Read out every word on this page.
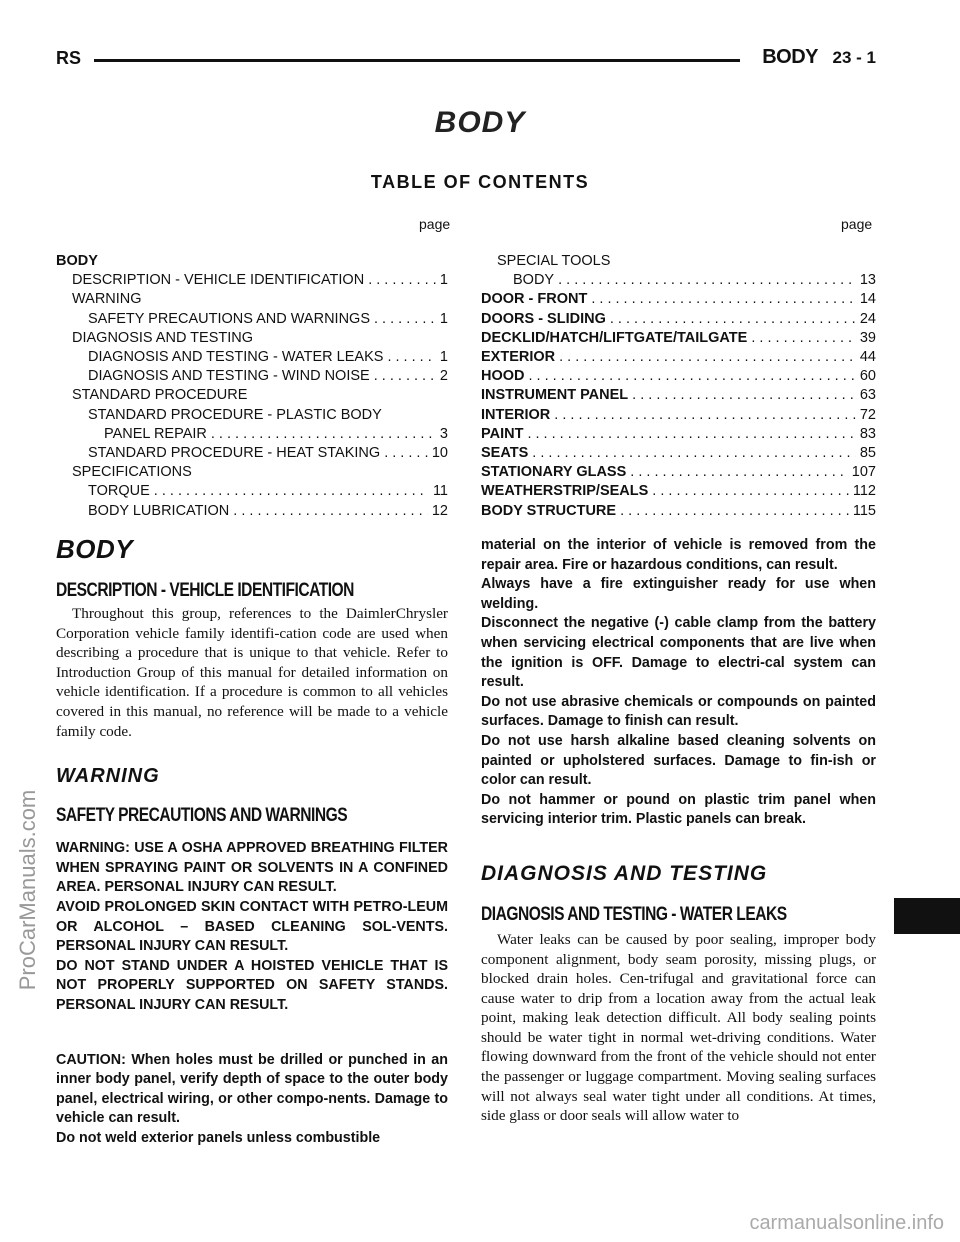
RS	BODY 23 - 1
BODY
TABLE OF CONTENTS
page	page
BODY
DESCRIPTION - VEHICLE IDENTIFICATION . . .	1
WARNING
SAFETY PRECAUTIONS AND WARNINGS . . .	1
DIAGNOSIS AND TESTING
DIAGNOSIS AND TESTING - WATER LEAKS . . .	1
DIAGNOSIS AND TESTING - WIND NOISE . . .	2
STANDARD PROCEDURE
STANDARD PROCEDURE - PLASTIC BODY
PANEL REPAIR . . .	3
STANDARD PROCEDURE - HEAT STAKING . . .	10
SPECIFICATIONS
TORQUE . . .	11
BODY LUBRICATION . . .	12
SPECIAL TOOLS
BODY . . .	13
DOOR - FRONT . . .	14
DOORS - SLIDING . . .	24
DECKLID/HATCH/LIFTGATE/TAILGATE . . .	39
EXTERIOR . . .	44
HOOD . . .	60
INSTRUMENT PANEL . . .	63
INTERIOR . . .	72
PAINT . . .	83
SEATS . . .	85
STATIONARY GLASS . . .	107
WEATHERSTRIP/SEALS . . .	112
BODY STRUCTURE . . .	115
BODY
DESCRIPTION - VEHICLE IDENTIFICATION

Throughout this group, references to the DaimlerChrysler Corporation vehicle family identifi-cation code are used when describing a procedure that is unique to that vehicle. Refer to Introduction Group of this manual for detailed information on vehicle identification. If a procedure is common to all vehicles covered in this manual, no reference will be made to a vehicle family code.

WARNING
SAFETY PRECAUTIONS AND WARNINGS

WARNING: USE A OSHA APPROVED BREATHING FILTER WHEN SPRAYING PAINT OR SOLVENTS IN A CONFINED AREA. PERSONAL INJURY CAN RESULT.

AVOID PROLONGED SKIN CONTACT WITH PETRO-LEUM OR ALCOHOL – BASED CLEANING SOL-VENTS. PERSONAL INJURY CAN RESULT.

DO NOT STAND UNDER A HOISTED VEHICLE THAT IS NOT PROPERLY SUPPORTED ON SAFETY STANDS. PERSONAL INJURY CAN RESULT.

CAUTION: When holes must be drilled or punched in an inner body panel, verify depth of space to the outer body panel, electrical wiring, or other compo-nents. Damage to vehicle can result.

Do not weld exterior panels unless combustible

material on the interior of vehicle is removed from the repair area. Fire or hazardous conditions, can result.

Always have a fire extinguisher ready for use when welding.

Disconnect the negative (-) cable clamp from the battery when servicing electrical components that are live when the ignition is OFF. Damage to electri-cal system can result.

Do not use abrasive chemicals or compounds on painted surfaces. Damage to finish can result.

Do not use harsh alkaline based cleaning solvents on painted or upholstered surfaces. Damage to fin-ish or color can result.

Do not hammer or pound on plastic trim panel when servicing interior trim. Plastic panels can break.

DIAGNOSIS AND TESTING
DIAGNOSIS AND TESTING - WATER LEAKS

Water leaks can be caused by poor sealing, improper body component alignment, body seam porosity, missing plugs, or blocked drain holes. Cen-trifugal and gravitational force can cause water to drip from a location away from the actual leak point, making leak detection difficult. All body sealing points should be water tight in normal wet-driving conditions. Water flowing downward from the front of the vehicle should not enter the passenger or luggage compartment. Moving sealing surfaces will not always seal water tight under all conditions. At times, side glass or door seals will allow water to

ProCarManuals.com
carmanualsonline.info
